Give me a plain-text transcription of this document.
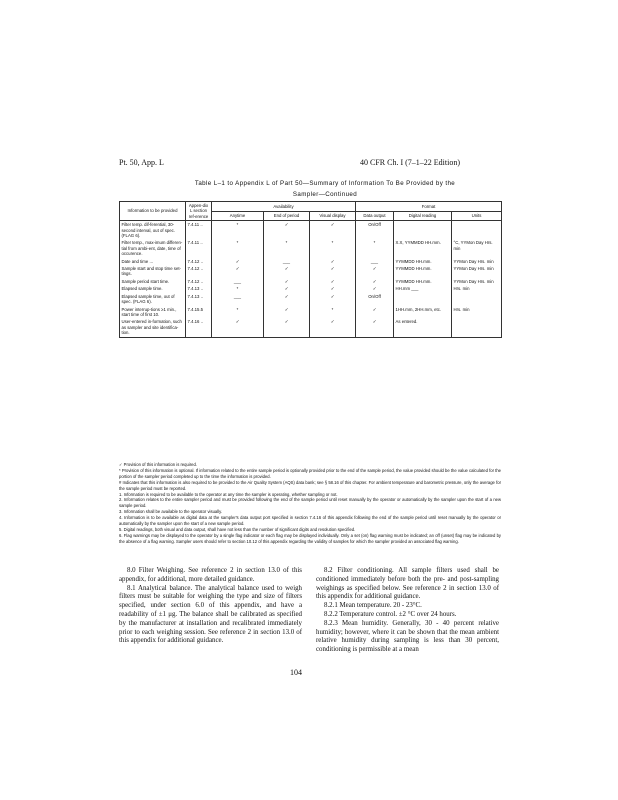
Pt. 50, App. L	40 CFR Ch. I (7–1–22 Edition)
Table L–1 to Appendix L of Part 50—Summary of Information To Be Provided by the
Sampler—Continued
Information to be provided	Appen-dix L section ref-erence	Availability			Format		
		Anytime	End of period	Visual display	Data output	Digital reading	Units
Filter temp. dif-ferential, 30-second interval, out of spec. (FLAG 6).	7.4.11 ..	*	✓	✓	On/Off		
Filter temp., max-imum differen-tial from ambi-ent, date, time of occurence.	7.4.11 ..	*	*	*	*	X.X, YYMMDD HH.mm.	°C, YYMon Day Hrs. min
Date and time ...	7.4.12 ..	✓	___	✓	___	YYMMDD HH.mm.	YYMon Day Hrs. min
Sample start and stop time set-tings.	7.4.12 ..	✓	✓	✓	✓	YYMMDD HH.mm.	YYMon Day Hrs. min
Sample period start time.	7.4.12 ..	___	✓	✓	✓	YYMMDD HH.mm.	YYMon Day Hrs. min
Elapsed sample time.	7.4.13 ..	*	✓	✓	✓	HH.mm ___	Hrs. min
Elapsed sample time, out of spec. (FLAG 6).	7.4.13 ..	___	✓	✓	On/Off		
Power interrup-tions ≥1 min., start time of first 10.	7.4.15.5	*	✓	*	✓	1HH.mm, 2HH.mm, etc.	Hrs. min
User-entered in-formation, such as sampler and site identifica-tion.	7.4.16 ..	✓	✓	✓	✓	As entered.	

✓ Provision of this information is required.

* Provision of this information is optional. If information related to the entire sample period is optionally provided prior to the end of the sample period, the value provided should be the value calculated for the portion of the sampler period completed up to the time the information is provided.

# Indicates that this information is also required to be provided to the Air Quality System (AQS) data bank; see § 58.16 of this chapter. For ambient temperature and barometric pressure, only the average for the sample period must be reported.

1. Information is required to be available to the operator at any time the sampler is operating, whether sampling or not.

2. Information relates to the entire sampler period and must be provided following the end of the sample period until reset manually by the operator or automatically by the sampler upon the start of a new sample period.

3. Information shall be available to the operator visually.

4. Information is to be available as digital data at the sampler's data output port specified in section 7.4.16 of this appendix following the end of the sample period until reset manually by the operator or automatically by the sampler upon the start of a new sample period.

5. Digital readings, both visual and data output, shall have not less than the number of significant digits and resolution specified.

6. Flag warnings may be displayed to the operator by a single flag indicator or each flag may be displayed individually. Only a set (on) flag warning must be indicated; an off (unset) flag may be indicated by the absence of a flag warning. Sampler users should refer to section 10.12 of this appendix regarding the validity of samples for which the sampler provided an associated flag warning.

8.0 Filter Weighing. See reference 2 in section 13.0 of this appendix, for additional, more detailed guidance.

8.1 Analytical balance. The analytical balance used to weigh filters must be suitable for weighing the type and size of filters specified, under section 6.0 of this appendix, and have a readability of ±1 μg. The balance shall be calibrated as specified by the manufacturer at installation and recalibrated immediately prior to each weighing session. See reference 2 in section 13.0 of this appendix for additional guidance.

8.2 Filter conditioning. All sample filters used shall be conditioned immediately before both the pre- and post-sampling weighings as specified below. See reference 2 in section 13.0 of this appendix for additional guidance.

8.2.1 Mean temperature. 20 - 23°C.

8.2.2 Temperature control. ±2 °C over 24 hours.

8.2.3 Mean humidity. Generally, 30 - 40 percent relative humidity; however, where it can be shown that the mean ambient relative humidity during sampling is less than 30 percent, conditioning is permissible at a mean

104
